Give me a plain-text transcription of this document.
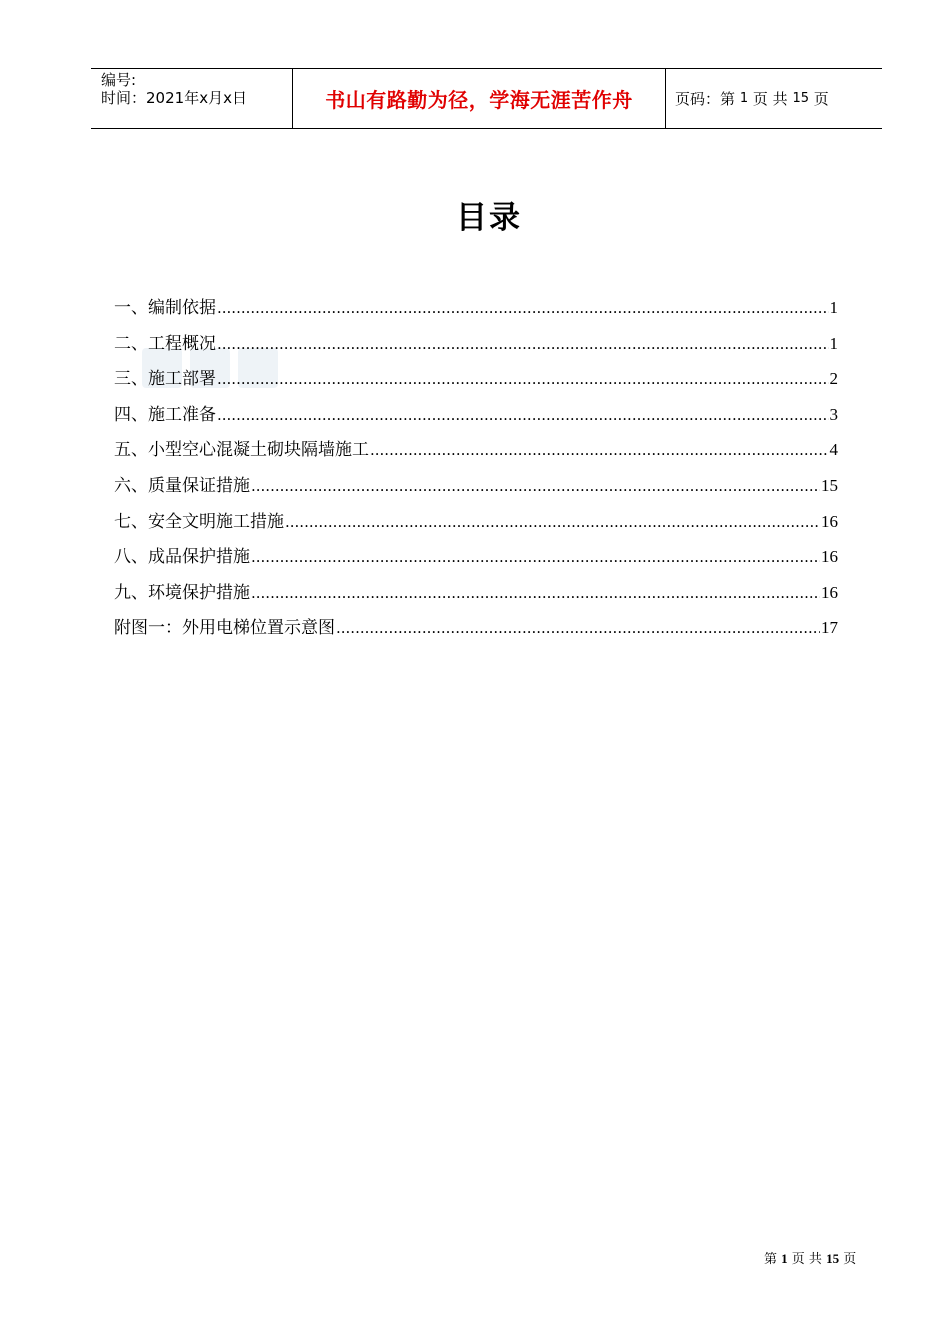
编号:
时间：2021年x月x日	书山有路勤为径，学海无涯苦作舟	页码： 第
1
页 共
15
页
目录
一、编制依据 .....	1
二、工程概况 .....	1
三、施工部署 .....	2
四、施工准备 .....	3
五、小型空心混凝土砌块隔墙施工 .....	4
六、质量保证措施 .....	15
七、安全文明施工措施 .....	16
八、成品保护措施 .....	16
九、环境保护措施 .....	16
附图一：外用电梯位置示意图 .....	17
第 1 页 共 15 页
